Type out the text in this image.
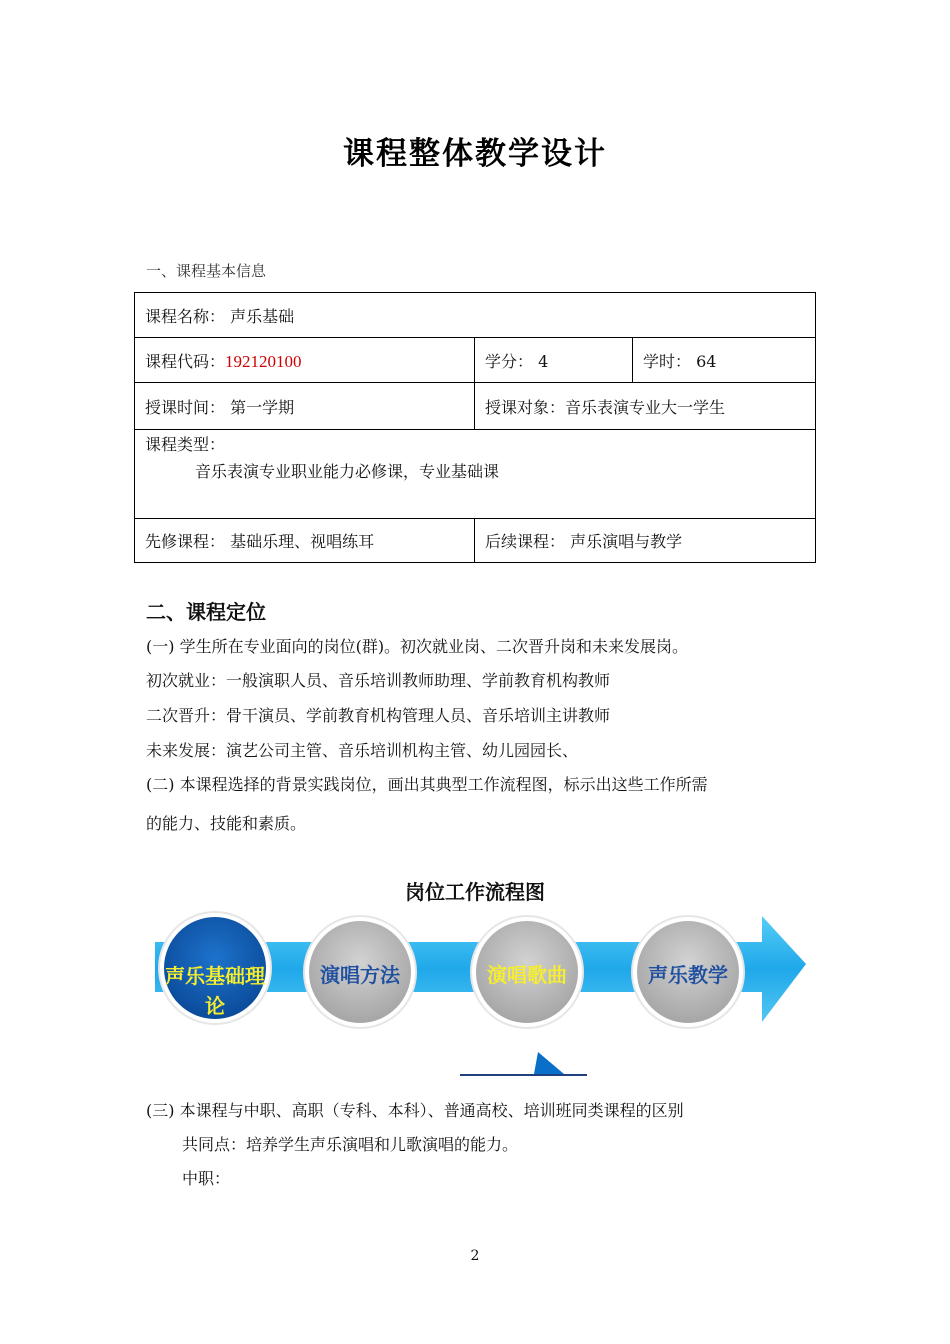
课程整体教学设计
一、课程基本信息
课程名称： 声乐基础		
课程代码：192120100	学分： 4	学时： 64
授课时间： 第一学期	授课对象：音乐表演专业大一学生	

课程类型：
音乐表演专业职业能力必修课，专业基础课		

先修课程： 基础乐理、视唱练耳	后续课程： 声乐演唱与教学	
二、课程定位
(一) 学生所在专业面向的岗位(群)。初次就业岗、二次晋升岗和未来发展岗。
初次就业：一般演职人员、音乐培训教师助理、学前教育机构教师
二次晋升：骨干演员、学前教育机构管理人员、音乐培训主讲教师
未来发展：演艺公司主管、音乐培训机构主管、幼儿园园长、
(二) 本课程选择的背景实践岗位，画出其典型工作流程图，标示出这些工作所需
的能力、技能和素质。
岗位工作流程图
声乐基础理
论
演唱方法	演唱歌曲	声乐教学
(三) 本课程与中职、高职（专科、本科）、普通高校、培训班同类课程的区别
共同点：培养学生声乐演唱和儿歌演唱的能力。
中职：
2
